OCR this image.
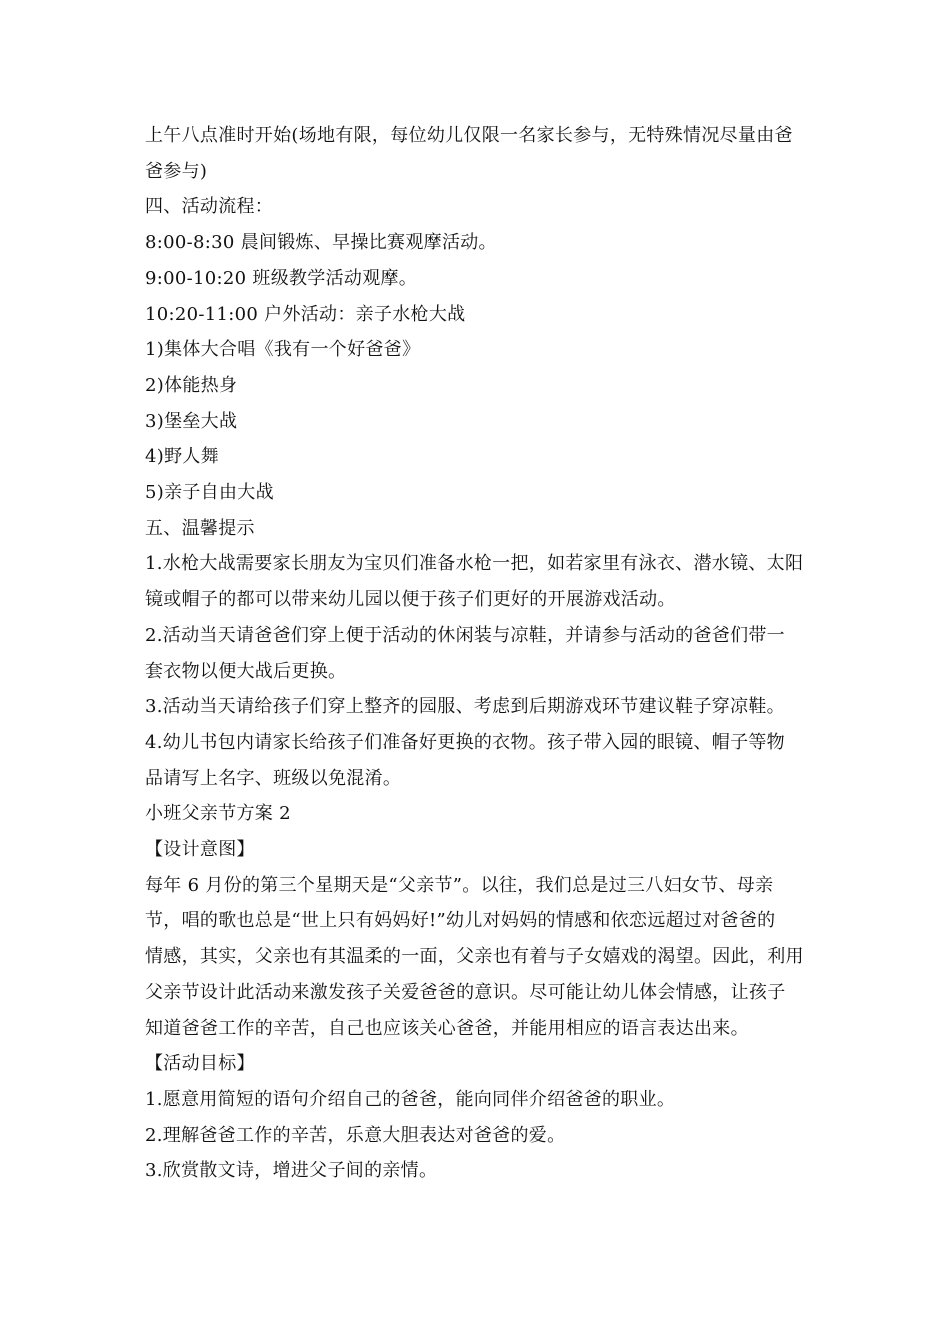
上午八点准时开始(场地有限，每位幼儿仅限一名家长参与，无特殊情况尽量由爸
爸参与)
四、活动流程：
8:00-8:30 晨间锻炼、早操比赛观摩活动。
9:00-10:20 班级教学活动观摩。
10:20-11:00 户外活动：亲子水枪大战
1)集体大合唱《我有一个好爸爸》
2)体能热身
3)堡垒大战
4)野人舞
5)亲子自由大战
五、温馨提示
1.水枪大战需要家长朋友为宝贝们准备水枪一把，如若家里有泳衣、潜水镜、太阳
镜或帽子的都可以带来幼儿园以便于孩子们更好的开展游戏活动。
2.活动当天请爸爸们穿上便于活动的休闲装与凉鞋，并请参与活动的爸爸们带一
套衣物以便大战后更换。
3.活动当天请给孩子们穿上整齐的园服、考虑到后期游戏环节建议鞋子穿凉鞋。
4.幼儿书包内请家长给孩子们准备好更换的衣物。孩子带入园的眼镜、帽子等物
品请写上名字、班级以免混淆。
小班父亲节方案 2
【设计意图】
每年 6 月份的第三个星期天是“父亲节”。以往，我们总是过三八妇女节、母亲
节，唱的歌也总是“世上只有妈妈好!”幼儿对妈妈的情感和依恋远超过对爸爸的
情感，其实，父亲也有其温柔的一面，父亲也有着与子女嬉戏的渴望。因此，利用
父亲节设计此活动来激发孩子关爱爸爸的意识。尽可能让幼儿体会情感，让孩子
知道爸爸工作的辛苦，自己也应该关心爸爸，并能用相应的语言表达出来。
【活动目标】
1.愿意用简短的语句介绍自己的爸爸，能向同伴介绍爸爸的职业。
2.理解爸爸工作的辛苦，乐意大胆表达对爸爸的爱。
3.欣赏散文诗，增进父子间的亲情。
